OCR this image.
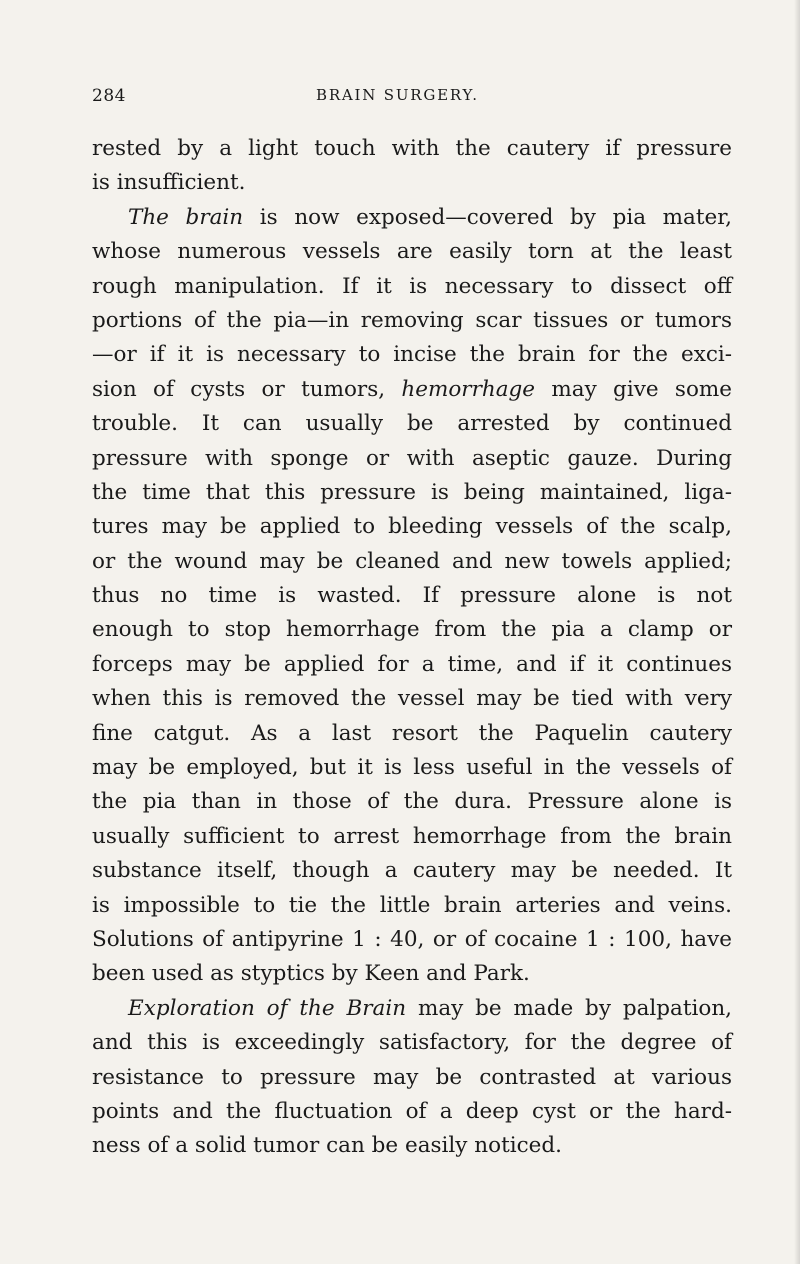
284	BRAIN SURGERY.
rested by a light touch with the cautery if pressure
is insufficient.
The brain is now exposed—covered by pia mater,
whose numerous vessels are easily torn at the least
rough manipulation. If it is necessary to dissect off
portions of the pia—in removing scar tissues or tumors
—or if it is necessary to incise the brain for the exci-
sion of cysts or tumors, hemorrhage may give some
trouble. It can usually be arrested by continued
pressure with sponge or with aseptic gauze. During
the time that this pressure is being maintained, liga-
tures may be applied to bleeding vessels of the scalp,
or the wound may be cleaned and new towels applied;
thus no time is wasted. If pressure alone is not
enough to stop hemorrhage from the pia a clamp or
forceps may be applied for a time, and if it continues
when this is removed the vessel may be tied with very
fine catgut. As a last resort the Paquelin cautery
may be employed, but it is less useful in the vessels of
the pia than in those of the dura. Pressure alone is
usually sufficient to arrest hemorrhage from the brain
substance itself, though a cautery may be needed. It
is impossible to tie the little brain arteries and veins.
Solutions of antipyrine 1 : 40, or of cocaine 1 : 100, have
been used as styptics by Keen and Park.
Exploration of the Brain may be made by palpation,
and this is exceedingly satisfactory, for the degree of
resistance to pressure may be contrasted at various
points and the fluctuation of a deep cyst or the hard-
ness of a solid tumor can be easily noticed.
